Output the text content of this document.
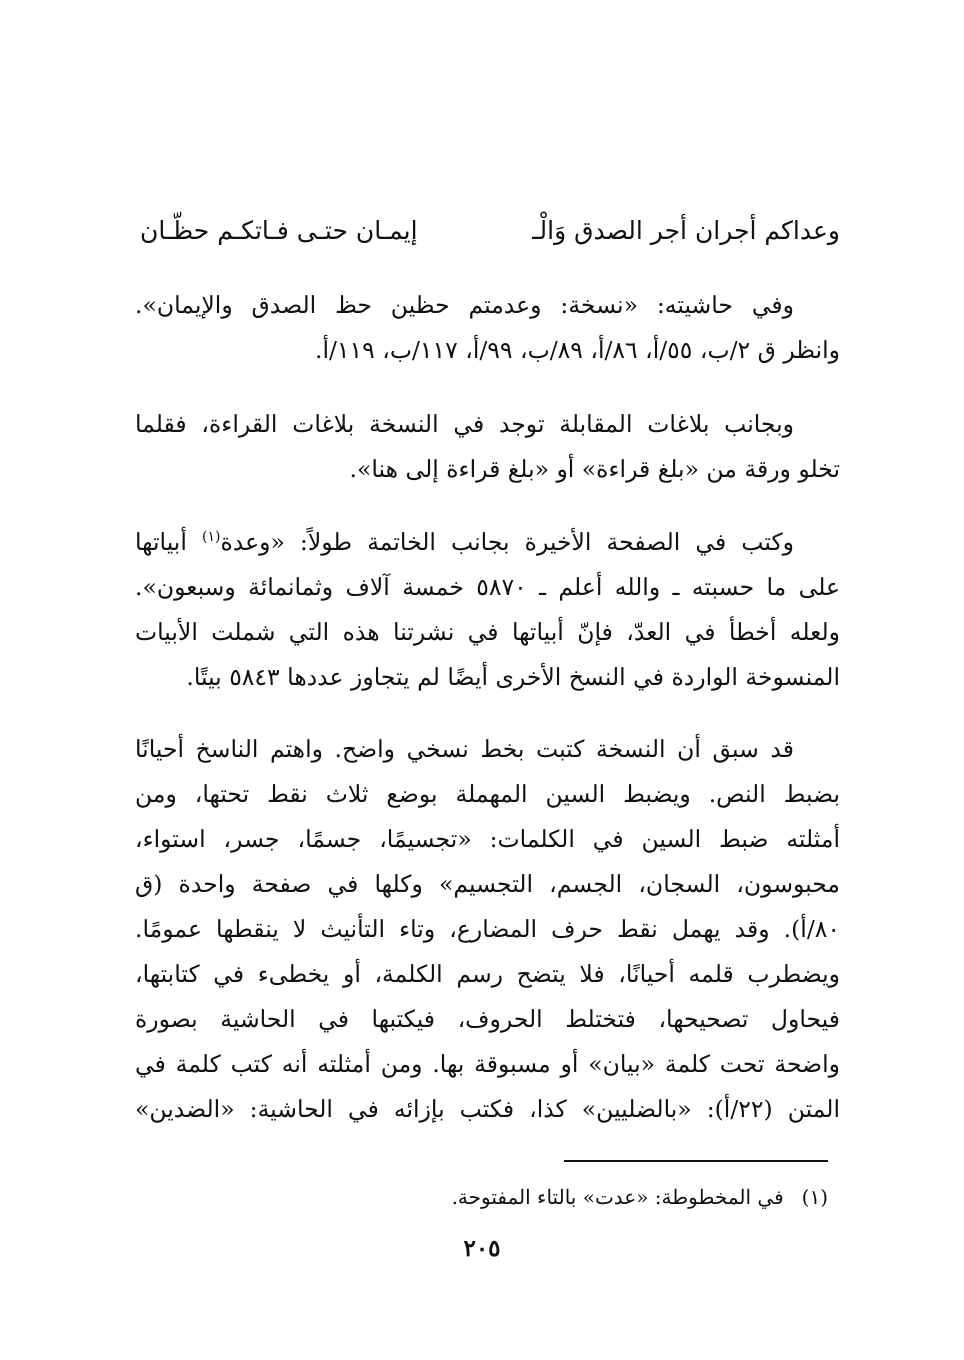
وعداكم أجران أجر الصدق وَالْـ
إيمـان حتـى فـاتكـم حظّـان
وفي حاشيته: «نسخة: وعدمتم حظين حظ الصدق والإيمان».
وانظر ق ٢/ب، ٥٥/أ، ٨٦/أ، ٨٩/ب، ٩٩/أ، ١١٧/ب، ١١٩/أ.
وبجانب بلاغات المقابلة توجد في النسخة بلاغات القراءة، فقلما
تخلو ورقة من «بلغ قراءة» أو «بلغ قراءة إلى هنا».
وكتب في الصفحة الأخيرة بجانب الخاتمة طولاً: «وعدة$^{(١)}$ أبياتها
على ما حسبته ـ والله أعلم ـ ٥٨٧٠ خمسة آلاف وثمانمائة وسبعون».
ولعله أخطأ في العدّ، فإنّ أبياتها في نشرتنا هذه التي شملت الأبيات
المنسوخة الواردة في النسخ الأخرى أيضًا لم يتجاوز عددها ٥٨٤٣ بيتًا.
قد سبق أن النسخة كتبت بخط نسخي واضح. واهتم الناسخ أحيانًا
بضبط النص. ويضبط السين المهملة بوضع ثلاث نقط تحتها، ومن
أمثلته ضبط السين في الكلمات: «تجسيمًا، جسمًا، جسر، استواء،
محبوسون، السجان، الجسم، التجسيم» وكلها في صفحة واحدة (ق
٨٠/أ). وقد يهمل نقط حرف المضارع، وتاء التأنيث لا ينقطها عمومًا.
ويضطرب قلمه أحيانًا، فلا يتضح رسم الكلمة، أو يخطىء في كتابتها،
فيحاول تصحيحها، فتختلط الحروف، فيكتبها في الحاشية بصورة
واضحة تحت كلمة «بيان» أو مسبوقة بها. ومن أمثلته أنه كتب كلمة في
المتن (٢٢/أ): «بالضليين» كذا، فكتب بإزائه في الحاشية: «الضدين»
(١)في المخطوطة: «عدت» بالتاء المفتوحة.
٢٠٥
